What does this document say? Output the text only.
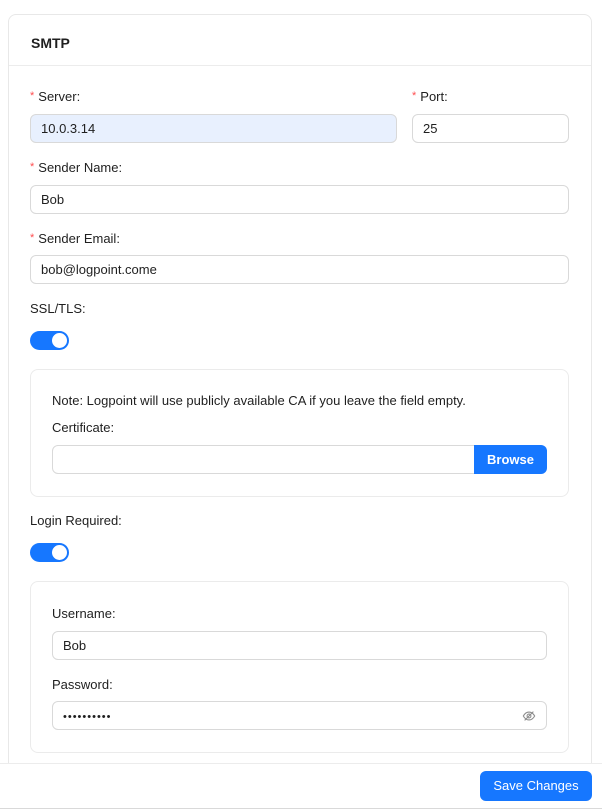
SMTP
* Server:
10.0.3.14
* Port:
25
* Sender Name:
Bob
* Sender Email:
bob@logpoint.come
SSL/TLS:
Note: Logpoint will use publicly available CA if you leave the field empty.
Certificate:
Browse
Login Required:
Username:
Bob
Password:
••••••••••
Save Changes
